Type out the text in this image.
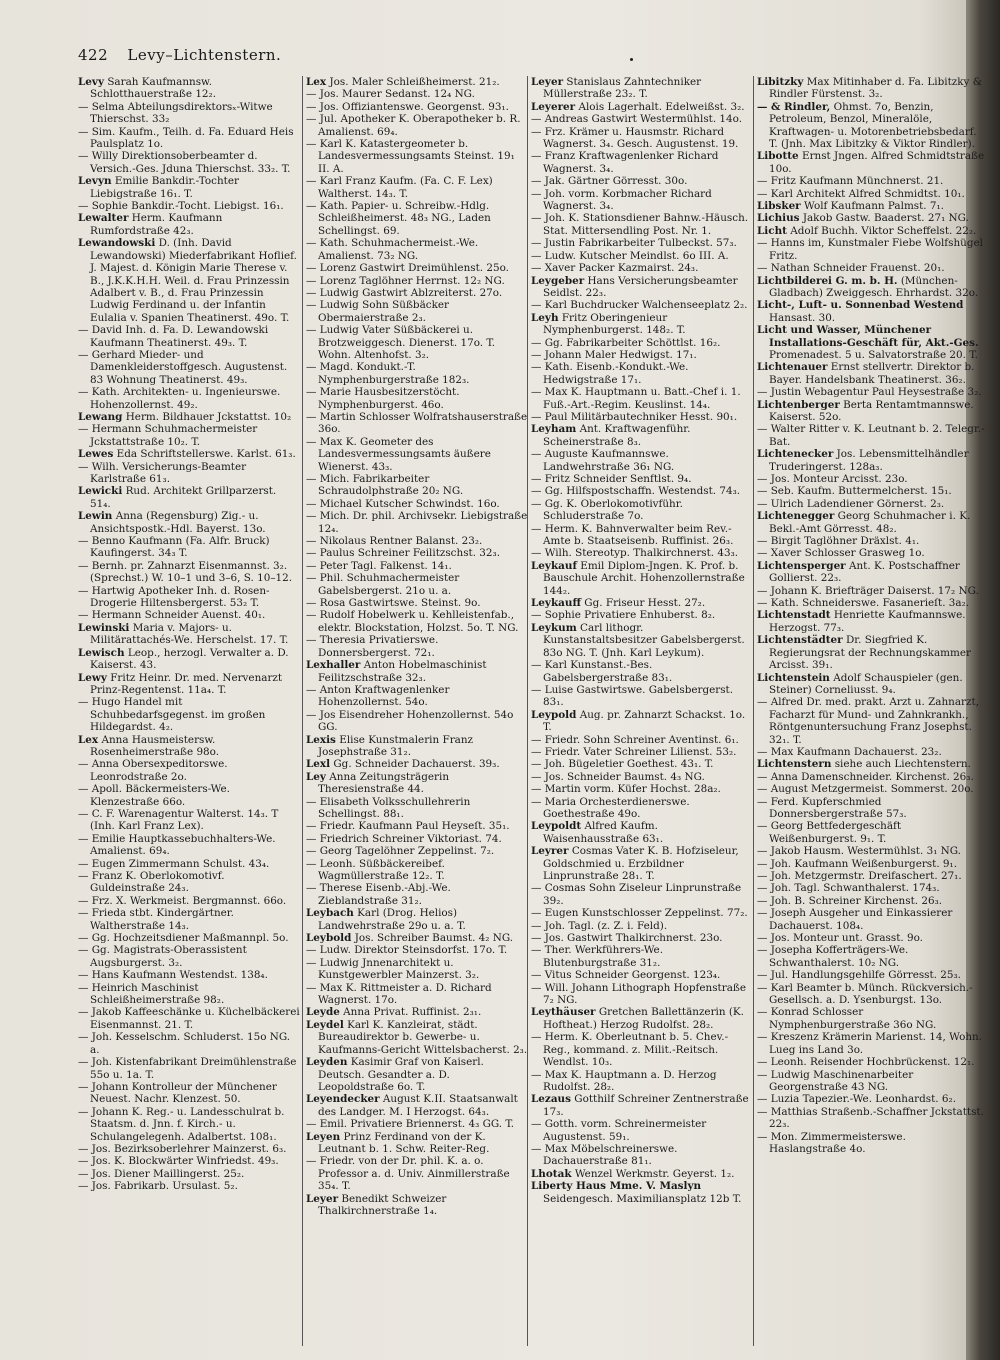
422 Levy–Lichtenstern.

Levy Sarah Kaufmannsw. Schlotthauerstraße 12₂.

— Selma Abteilungsdirektorsₓ-Witwe Thierschst. 33₂

— Sim. Kaufm., Teilh. d. Fa. Eduard Heis Paulsplatz 1o.

— Willy Direktionsoberbeamter d. Versich.-Ges. Jduna Thierschst. 33₂. T.

Levyn Emilie Bankdir.-Tochter Liebigstraße 16₁. T.

— Sophie Bankdir.-Tocht. Liebigst. 16₁.

Lewalter Herm. Kaufmann Rumfordstraße 42₃.

Lewandowski D. (Inh. David Lewandowski) Miederfabrikant Hoflief. J. Majest. d. Königin Marie Therese v. B., J.K.K.H.H. Weil. d. Frau Prinzessin Adalbert v. B., d. Frau Prinzessin Ludwig Ferdinand u. der Infantin Eulalia v. Spanien Theatinerst. 49o. T.

— David Inh. d. Fa. D. Lewandowski Kaufmann Theatinerst. 49₃. T.

— Gerhard Mieder- und Damenkleiderstoffgesch. Augustenst. 83 Wohnung Theatinerst. 49₃.

— Kath. Architekten- u. Ingenieurswe. Hohenzollernst. 49₂.

Lewang Herm. Bildhauer Jckstattst. 10₂

— Hermann Schuhmachermeister Jckstattstraße 10₂. T.

Lewes Eda Schriftstellerswe. Karlst. 61₃.

— Wilh. Versicherungs-Beamter Karlstraße 61₃.

Lewicki Rud. Architekt Grillparzerst. 51₄.

Lewin Anna (Regensburg) Zig.- u. Ansichtspostk.-Hdl. Bayerst. 13o.

— Benno Kaufmann (Fa. Alfr. Bruck) Kaufingerst. 34₃ T.

— Bernh. pr. Zahnarzt Eisenmannst. 3₂. (Sprechst.) W. 10–1 und 3–6, S. 10–12.

— Hartwig Apotheker Inh. d. Rosen-Drogerie Hiltensbergerst. 53₂ T.

— Hermann Schneider Auenst. 40₁.

Lewinski Maria v. Majors- u. Militärattachés-We. Herschelst. 17. T.

Lewisch Leop., herzogl. Verwalter a. D. Kaiserst. 43.

Lewy Fritz Heinr. Dr. med. Nervenarzt Prinz-Regentenst. 11a₄. T.

— Hugo Handel mit Schuhbedarfsgegenst. im großen Hildegardst. 4₂.

Lex Anna Hausmeistersw. Rosenheimerstraße 98o.

— Anna Obersexpeditorswe. Leonrodstraße 2o.

— Apoll. Bäckermeisters-We. Klenzestraße 66o.

— C. F. Warenagentur Walterst. 14₃. T (Inh. Karl Franz Lex).

— Emilie Hauptkassebuchhalters-We. Amalienst. 69₄.

— Eugen Zimmermann Schulst. 43₄.

— Franz K. Oberlokomotivf. Guldeinstraße 24₃.

— Frz. X. Werkmeist. Bergmannst. 66o.

— Frieda stbt. Kindergärtner. Waltherstraße 14₃.

— Gg. Hochzeitsdiener Maßmannpl. 5o.

— Gg. Magistrats-Oberassistent Augsburgerst. 3₂.

— Hans Kaufmann Westendst. 138₄.

— Heinrich Maschinist Schleißheimerstraße 98₂.

— Jakob Kaffeeschänke u. Küchelbäckerei Eisenmannst. 21. T.

— Joh. Kesselschm. Schluderst. 15o NG. a.

— Joh. Kistenfabrikant Dreimühlenstraße 55o u. 1a. T.

— Johann Kontrolleur der Münchener Neuest. Nachr. Klenzest. 50.

— Johann K. Reg.- u. Landesschulrat b. Staatsm. d. Jnn. f. Kirch.- u. Schulangelegenh. Adalbertst. 108₁.

— Jos. Bezirksoberlehrer Mainzerst. 6₃.

— Jos. K. Blockwärter Winfriedst. 49₃.

— Jos. Diener Maillingerst. 25₂.

— Jos. Fabrikarb. Ursulast. 5₂.

Lex Jos. Maler Schleißheimerst. 21₂.

— Jos. Maurer Sedanst. 12₄ NG.

— Jos. Offiziantenswe. Georgenst. 93₁.

— Jul. Apotheker K. Oberapotheker b. R. Amalienst. 69₄.

— Karl K. Katastergeometer b. Landesvermessungsamts Steinst. 19₁ II. A.

— Karl Franz Kaufm. (Fa. C. F. Lex) Waltherst. 14₃. T.

— Kath. Papier- u. Schreibw.-Hdlg. Schleißheimerst. 48₃ NG., Laden Schellingst. 69.

— Kath. Schuhmachermeist.-We. Amalienst. 73₂ NG.

— Lorenz Gastwirt Dreimühlenst. 25o.

— Lorenz Taglöhner Herrnst. 12₂ NG.

— Ludwig Gastwirt Ablzreiterst. 27o.

— Ludwig Sohn Süßbäcker Obermaierstraße 2₃.

— Ludwig Vater Süßbäckerei u. Brotzweiggesch. Dienerst. 17o. T. Wohn. Altenhofst. 3₂.

— Magd. Kondukt.-T. Nymphenburgerstraße 182₃.

— Marie Hausbesitzerstöcht. Nymphenburgerst. 46o.

— Martin Schlosser Wolfratshauserstraße 36o.

— Max K. Geometer des Landesvermessungsamts äußere Wienerst. 43₃.

— Mich. Fabrikarbeiter Schraudolphstraße 20₂ NG.

— Michael Kutscher Schwindst. 16o.

— Mich. Dr. phil. Archivsekr. Liebigstraße 12₄.

— Nikolaus Rentner Balanst. 23₂.

— Paulus Schreiner Feilitzschst. 32₃.

— Peter Tagl. Falkenst. 14₁.

— Phil. Schuhmachermeister Gabelsbergerst. 21o u. a.

— Rosa Gastwirtswe. Steinst. 9o.

— Rudolf Hobelwerk u. Kehlleistenfab., elektr. Blockstation, Holzst. 5o. T. NG.

— Theresia Privatierswe. Donnersbergerst. 72₁.

Lexhaller Anton Hobelmaschinist Feilitzschstraße 32₃.

— Anton Kraftwagenlenker Hohenzollernst. 54o.

— Jos Eisendreher Hohenzollernst. 54o GG.

Lexis Elise Kunstmalerin Franz Josephstraße 31₂.

Lexl Gg. Schneider Dachauerst. 39₃.

Ley Anna Zeitungsträgerin Theresienstraße 44.

— Elisabeth Volksschullehrerin Schellingst. 88₁.

— Friedr. Kaufmann Paul Heyseſt. 35₁.

— Friedrich Schreiner Viktoriast. 74.

— Georg Tagelöhner Zeppelinst. 7₂.

— Leonh. Süßbäckereibef. Wagmüllerstraße 12₂. T.

— Therese Eisenb.-Abj.-We. Zieblandstraße 31₂.

Leybach Karl (Drog. Helios) Landwehrstraße 29o u. a. T.

Leybold Jos. Schreiber Baumst. 4₂ NG.

— Ludw. Direktor Steinsdorfst. 17o. T.

— Ludwig Jnnenarchitekt u. Kunstgewerbler Mainzerst. 3₂.

— Max K. Rittmeister a. D. Richard Wagnerst. 17o.

Leyde Anna Privat. Ruffinist. 2₃₁.

Leydel Karl K. Kanzleirat, städt. Bureaudirektor b. Gewerbe- u. Kaufmanns-Gericht Wittelsbacherst. 2₃.

Leyden Kasimir Graf von Kaiserl. Deutsch. Gesandter a. D. Leopoldstraße 6o. T.

Leyendecker August K.II. Staatsanwalt des Landger. M. I Herzogst. 64₃.

— Emil. Privatiere Briennerst. 4₃ GG. T.

Leyen Prinz Ferdinand von der K. Leutnant b. 1. Schw. Reiter-Reg.

— Friedr. von der Dr. phil. K. a. o. Professor a. d. Univ. Ainmillerstraße 35₄. T.

Leyer Benedikt Schweizer Thalkirchnerstraße 1₄.

Leyer Stanislaus Zahntechniker Müllerstraße 23₂. T.

Leyerer Alois Lagerhalt. Edelweißst. 3₂.

— Andreas Gastwirt Westermühlst. 14o.

— Frz. Krämer u. Hausmstr. Richard Wagnerst. 3₄. Gesch. Augustenst. 19.

— Franz Kraftwagenlenker Richard Wagnerst. 3₄.

— Jak. Gärtner Görresst. 30o.

— Joh. vorm. Korbmacher Richard Wagnerst. 3₄.

— Joh. K. Stationsdiener Bahnw.-Häusch. Stat. Mittersendling Post. Nr. 1.

— Justin Fabrikarbeiter Tulbeckst. 57₃.

— Ludw. Kutscher Meindlst. 6o III. A.

— Xaver Packer Kazmairst. 24₃.

Leygeber Hans Versicherungsbeamter Seidlst. 22₃.

— Karl Buchdrucker Walchenseeplatz 2₂.

Leyh Fritz Oberingenieur Nymphenburgerst. 148₂. T.

— Gg. Fabrikarbeiter Schöttlst. 16₂.

— Johann Maler Hedwigst. 17₁.

— Kath. Eisenb.-Kondukt.-We. Hedwigstraße 17₁.

— Max K. Hauptmann u. Batt.-Chef i. 1. Fuß.-Art.-Regim. Keuslinst. 14₄.

— Paul Militärbautechniker Hesst. 90₁.

Leyham Ant. Kraftwagenführ. Scheinerstraße 8₃.

— Auguste Kaufmannswe. Landwehrstraße 36₁ NG.

— Fritz Schneider Senftlst. 9₄.

— Gg. Hilfspostschaffn. Westendst. 74₃.

— Gg. K. Oberlokomotivführ. Schluderstraße 7o.

— Herm. K. Bahnverwalter beim Rev.-Amte b. Staatseisenb. Ruffinist. 26₃.

— Wilh. Stereotyp. Thalkirchnerst. 43₃.

Leykauf Emil Diplom-Jngen. K. Prof. b. Bauschule Archit. Hohenzollernstraße 144₂.

Leykauff Gg. Friseur Hesst. 27₂.

— Sophie Privatiere Enhuberst. 8₂.

Leykum Carl lithogr. Kunstanstaltsbesitzer Gabelsbergerst. 83o NG. T. (Jnh. Karl Leykum).

— Karl Kunstanst.-Bes. Gabelsbergerstraße 83₁.

— Luise Gastwirtswe. Gabelsbergerst. 83₁.

Leypold Aug. pr. Zahnarzt Schackst. 1o. T.

— Friedr. Sohn Schreiner Aventinst. 6₁.

— Friedr. Vater Schreiner Lilienst. 53₂.

— Joh. Bügeletier Goethest. 43₁. T.

— Jos. Schneider Baumst. 4₃ NG.

— Martin vorm. Küfer Hochst. 28a₂.

— Maria Orchesterdienerswe. Goethestraße 49o.

Leypoldt Alfred Kaufm. Waisenhausstraße 63₁.

Leyrer Cosmas Vater K. B. Hofziseleur, Goldschmied u. Erzbildner Linprunstraße 28₁. T.

— Cosmas Sohn Ziseleur Linprunstraße 39₂.

— Eugen Kunstschlosser Zeppelinst. 77₂.

— Joh. Tagl. (z. Z. i. Feld).

— Jos. Gastwirt Thalkirchnerst. 23o.

— Ther. Werkführers-We. Blutenburgstraße 31₂.

— Vitus Schneider Georgenst. 123₄.

— Will. Johann Lithograph Hopfenstraße 7₂ NG.

Leythäuser Gretchen Ballettänzerin (K. Hoftheat.) Herzog Rudolfst. 28₂.

— Herm. K. Oberleutnant b. 5. Chev.-Reg., kommand. z. Milit.-Reitsch. Wendlst. 10₃.

— Max K. Hauptmann a. D. Herzog Rudolfst. 28₂.

Lezaus Gotthilf Schreiner Zentnerstraße 17₃.

— Gotth. vorm. Schreinermeister Augustenst. 59₁.

— Max Möbelschreinerswe. Dachauerstraße 81₁.

Lhotak Wenzel Werkmstr. Geyerst. 1₂.

Liberty Haus Mme. V. Maslyn Seidengesch. Maximiliansplatz 12b T.

Libitzky Max Mitinhaber d. Fa. Libitzky & Rindler Fürstenst. 3₂.

— & Rindler, Ohmst. 7o, Benzin, Petroleum, Benzol, Mineralöle, Kraftwagen- u. Motorenbetriebsbedarf. T. (Jnh. Max Libitzky & Viktor Rindler).

Libotte Ernst Jngen. Alfred Schmidtstraße 10o.

— Fritz Kaufmann Münchnerst. 21.

— Karl Architekt Alfred Schmidtst. 10₁.

Libsker Wolf Kaufmann Palmst. 7₁.

Lichius Jakob Gastw. Baaderst. 27₁ NG.

Licht Adolf Buchh. Viktor Scheffelst. 22₂.

— Hanns im, Kunstmaler Fiebe Wolfshügel Fritz.

— Nathan Schneider Frauenst. 20₁.

Lichtbilderei G. m. b. H. (München-Gladbach) Zweiggesch. Ehrhardst. 32o.

Licht-, Luft- u. Sonnenbad Westend Hansast. 30.

Licht und Wasser, Münchener Installations-Geschäft für, Akt.-Ges. Promenadest. 5 u. Salvatorstraße 20. T.

Lichtenauer Ernst stellvertr. Direktor b. Bayer. Handelsbank Theatinerst. 36₂.

— Justin Webagentur Paul Heysestraße 3₂.

Lichtenberger Berta Rentamtmannswe. Kaiserst. 52o.

— Walter Ritter v. K. Leutnant b. 2. Telegr.-Bat.

Lichtenecker Jos. Lebensmittelhändler Truderingerst. 128a₃.

— Jos. Monteur Arcisst. 23o.

— Seb. Kaufm. Buttermelcherst. 15₁.

— Ulrich Ladendiener Görnerst. 2₃.

Lichtenegger Georg Schuhmacher i. K. Bekl.-Amt Görresst. 48₂.

— Birgit Taglöhner Dräxlst. 4₁.

— Xaver Schlosser Grasweg 1o.

Lichtensperger Ant. K. Postschaffner Gollierst. 22₃.

— Johann K. Briefträger Daiserst. 17₂ NG.

— Kath. Schneiderswe. Fasanerieſt. 3a₂.

Lichtenstadt Henriette Kaufmannswe. Herzogst. 77₃.

Lichtenstädter Dr. Siegfried K. Regierungsrat der Rechnungskammer Arcisst. 39₁.

Lichtenstein Adolf Schauspieler (gen. Steiner) Corneliusst. 9₄.

— Alfred Dr. med. prakt. Arzt u. Zahnarzt, Facharzt für Mund- und Zahnkrankh., Röntgenuntersuchung Franz Josephst. 32₁. T.

— Max Kaufmann Dachauerst. 23₂.

Lichtenstern siehe auch Liechtenstern.

— Anna Damenschneider. Kirchenst. 26₃.

— August Metzgermeist. Sommerst. 20o.

— Ferd. Kupferschmied Donnersbergerstraße 57₃.

— Georg Bettfedergeschäft Weißenburgerst. 9₁. T.

— Jakob Hausm. Westermühlst. 3₁ NG.

— Joh. Kaufmann Weißenburgerst. 9₁.

— Joh. Metzgermstr. Dreifaschert. 27₁.

— Joh. Tagl. Schwanthalerst. 174₃.

— Joh. B. Schreiner Kirchenst. 26₃.

— Joseph Ausgeher und Einkassierer Dachauerst. 108₄.

— Jos. Monteur unt. Grasst. 9o.

— Josepha Kofferträgers-We. Schwanthalerst. 10₂ NG.

— Jul. Handlungsgehilfe Görresst. 25₃.

— Karl Beamter b. Münch. Rückversich.-Gesellsch. a. D. Ysenburgst. 13o.

— Konrad Schlosser Nymphenburgerstraße 36o NG.

— Kreszenz Krämerin Marienst. 14, Wohn. Lueg ins Land 3o.

— Leonh. Reisender Hochbrückenst. 12₁.

— Ludwig Maschinenarbeiter Georgenstraße 43 NG.

— Luzia Tapezier.-We. Leonhardst. 6₂.

— Matthias Straßenb.-Schaffner Jckstattst. 22₃.

— Mon. Zimmermeisterswe. Haslangstraße 4o.
